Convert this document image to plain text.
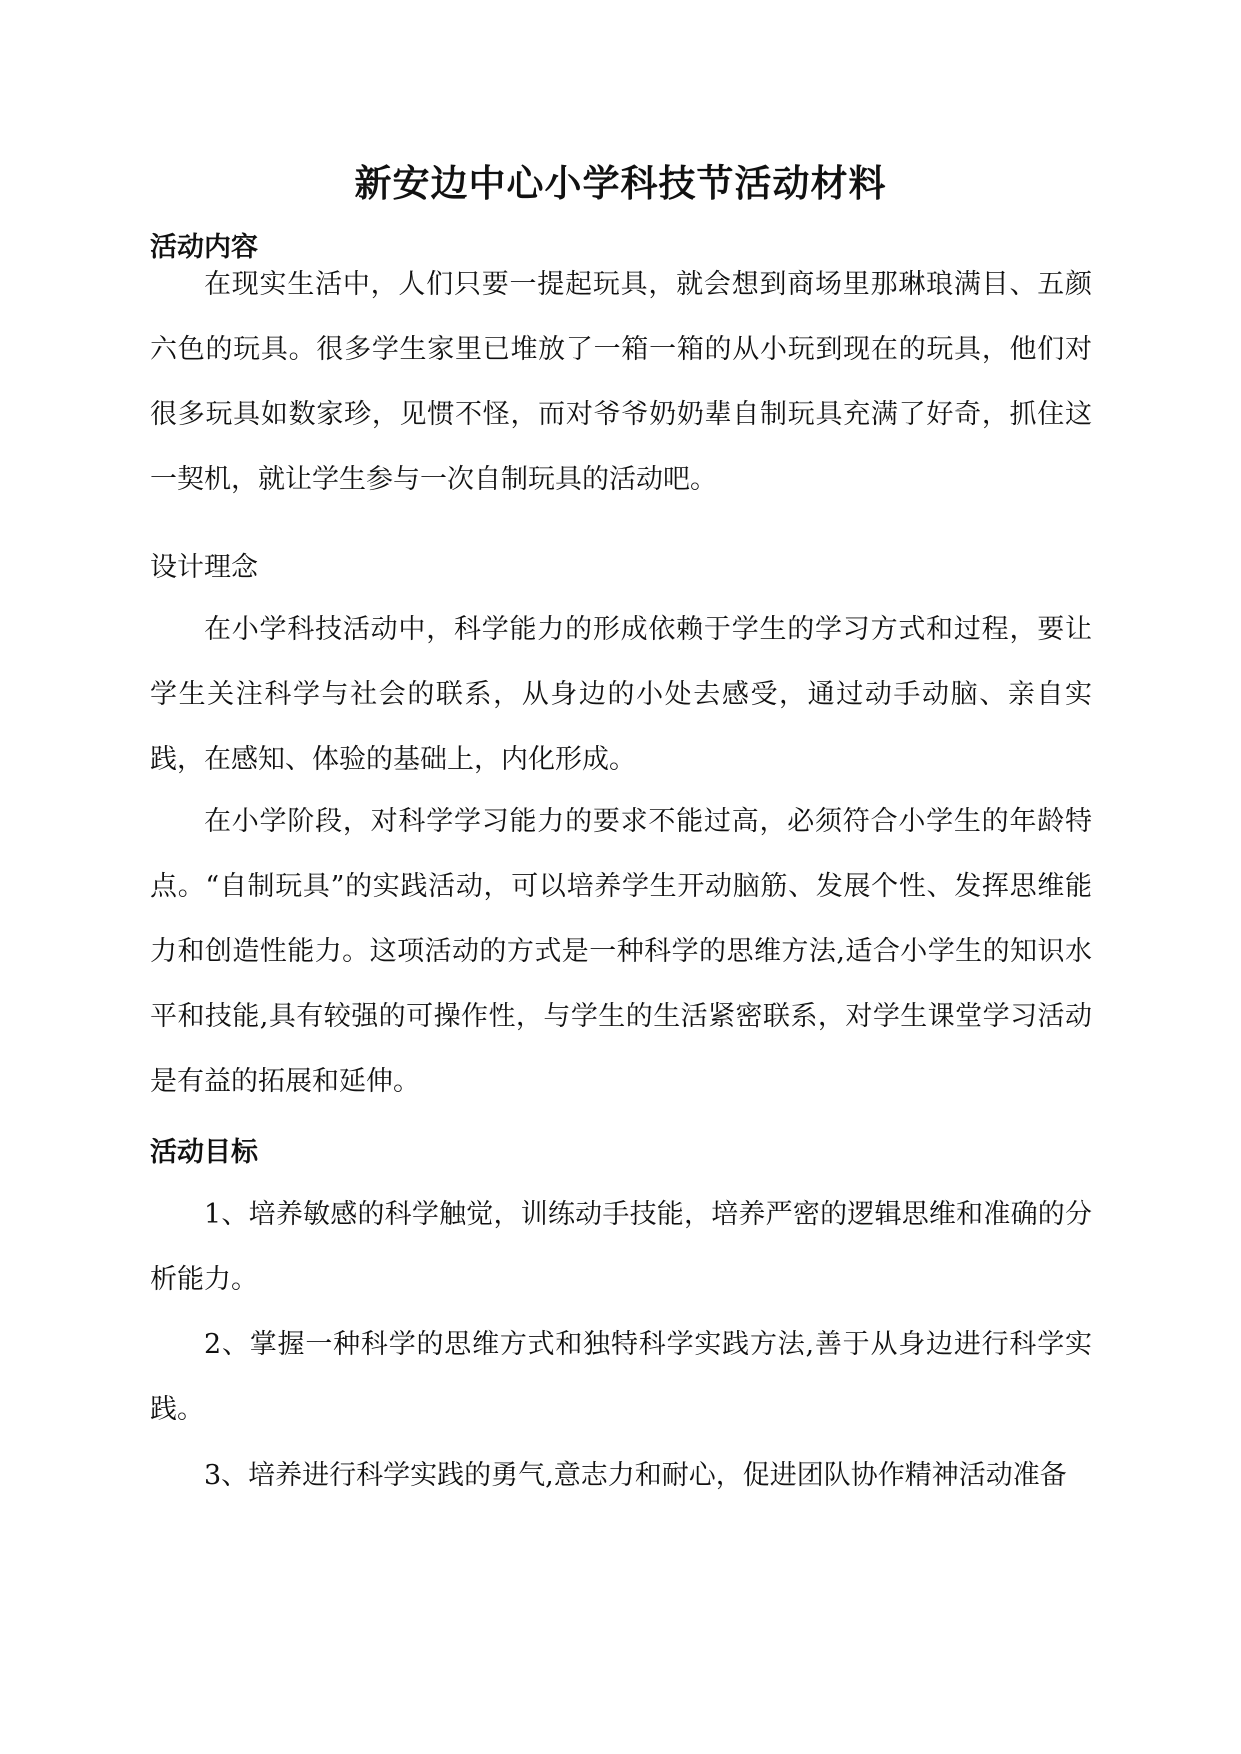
新安边中心小学科技节活动材料
活动内容

在现实生活中，人们只要一提起玩具，就会想到商场里那琳琅满目、五颜六色的玩具。很多学生家里已堆放了一箱一箱的从小玩到现在的玩具，他们对很多玩具如数家珍，见惯不怪，而对爷爷奶奶辈自制玩具充满了好奇，抓住这一契机，就让学生参与一次自制玩具的活动吧。

设计理念

在小学科技活动中，科学能力的形成依赖于学生的学习方式和过程，要让学生关注科学与社会的联系，从身边的小处去感受，通过动手动脑、亲自实践，在感知、体验的基础上，内化形成。

在小学阶段，对科学学习能力的要求不能过高，必须符合小学生的年龄特点。“自制玩具”的实践活动，可以培养学生开动脑筋、发展个性、发挥思维能力和创造性能力。这项活动的方式是一种科学的思维方法,适合小学生的知识水平和技能,具有较强的可操作性，与学生的生活紧密联系，对学生课堂学习活动是有益的拓展和延伸。

活动目标

1、培养敏感的科学触觉，训练动手技能，培养严密的逻辑思维和准确的分析能力。

2、掌握一种科学的思维方式和独特科学实践方法,善于从身边进行科学实践。

3、培养进行科学实践的勇气,意志力和耐心，促进团队协作精神活动准备
